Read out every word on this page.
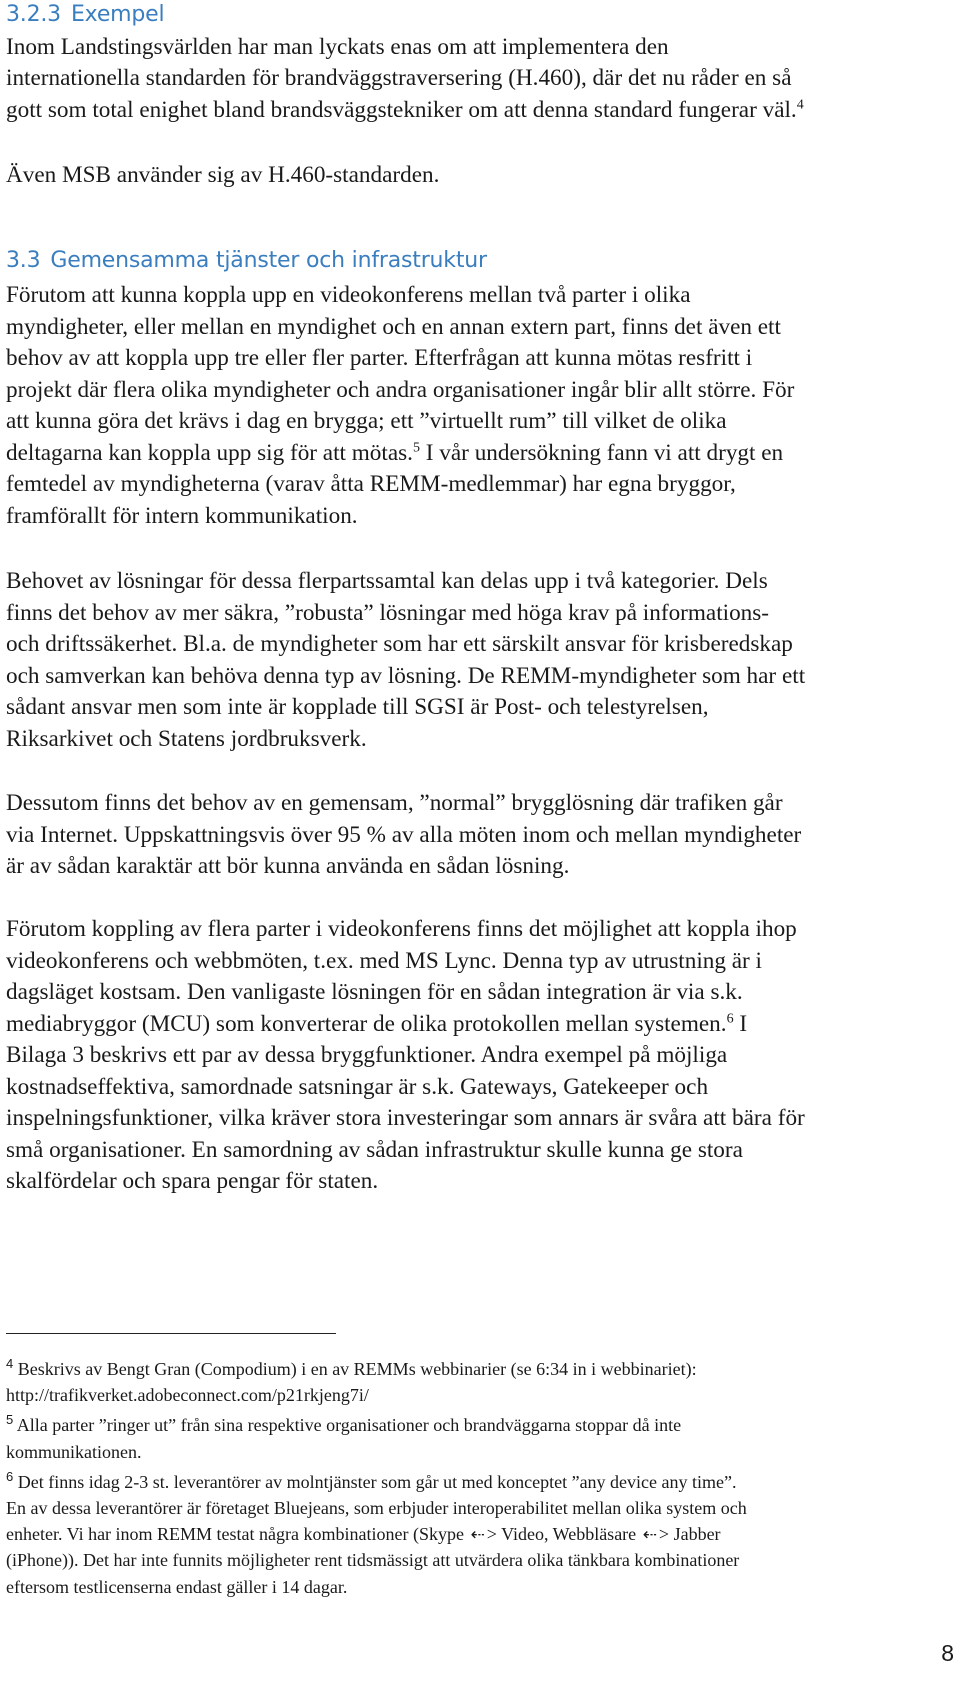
3.2.3 Exempel
Inom Landstingsvärlden har man lyckats enas om att implementera den
internationella standarden för brandväggstraversering (H.460), där det nu råder en så
gott som total enighet bland brandsväggstekniker om att denna standard fungerar väl.$^4$
Även MSB använder sig av H.460-standarden.
3.3 Gemensamma tjänster och infrastruktur
Förutom att kunna koppla upp en videokonferens mellan två parter i olika
myndigheter, eller mellan en myndighet och en annan extern part, finns det även ett
behov av att koppla upp tre eller fler parter. Efterfrågan att kunna mötas resfritt i
projekt där flera olika myndigheter och andra organisationer ingår blir allt större. För
att kunna göra det krävs i dag en brygga; ett ”virtuellt rum” till vilket de olika
deltagarna kan koppla upp sig för att mötas.$^5$ I vår undersökning fann vi att drygt en
femtedel av myndigheterna (varav åtta REMM-medlemmar) har egna bryggor,
framförallt för intern kommunikation.
Behovet av lösningar för dessa flerpartssamtal kan delas upp i två kategorier. Dels
finns det behov av mer säkra, ”robusta” lösningar med höga krav på informations-
och driftssäkerhet. Bl.a. de myndigheter som har ett särskilt ansvar för krisberedskap
och samverkan kan behöva denna typ av lösning. De REMM-myndigheter som har ett
sådant ansvar men som inte är kopplade till SGSI är Post- och telestyrelsen,
Riksarkivet och Statens jordbruksverk.
Dessutom finns det behov av en gemensam, ”normal” brygglösning där trafiken går
via Internet. Uppskattningsvis över 95 % av alla möten inom och mellan myndigheter
är av sådan karaktär att bör kunna använda en sådan lösning.
Förutom koppling av flera parter i videokonferens finns det möjlighet att koppla ihop
videokonferens och webbmöten, t.ex. med MS Lync. Denna typ av utrustning är i
dagsläget kostsam. Den vanligaste lösningen för en sådan integration är via s.k.
mediabryggor (MCU) som konverterar de olika protokollen mellan systemen.$^6$ I
Bilaga 3 beskrivs ett par av dessa bryggfunktioner. Andra exempel på möjliga
kostnadseffektiva, samordnade satsningar är s.k. Gateways, Gatekeeper och
inspelningsfunktioner, vilka kräver stora investeringar som annars är svåra att bära för
små organisationer. En samordning av sådan infrastruktur skulle kunna ge stora
skalfördelar och spara pengar för staten.
$^4$ Beskrivs av Bengt Gran (Compodium) i en av REMMs webbinarier (se 6:34 in i webbinariet):
http://trafikverket.adobeconnect.com/p21rkjeng7i/
$^5$ Alla parter ”ringer ut” från sina respektive organisationer och brandväggarna stoppar då inte
kommunikationen.
$^6$ Det finns idag 2-3 st. leverantörer av molntjänster som går ut med konceptet ”any device any time”.
En av dessa leverantörer är företaget Bluejeans, som erbjuder interoperabilitet mellan olika system och
enheter. Vi har inom REMM testat några kombinationer (Skype ⇠ > Video, Webbläsare ⇠ > Jabber
(iPhone)). Det har inte funnits möjligheter rent tidsmässigt att utvärdera olika tänkbara kombinationer
eftersom testlicenserna endast gäller i 14 dagar.
8
